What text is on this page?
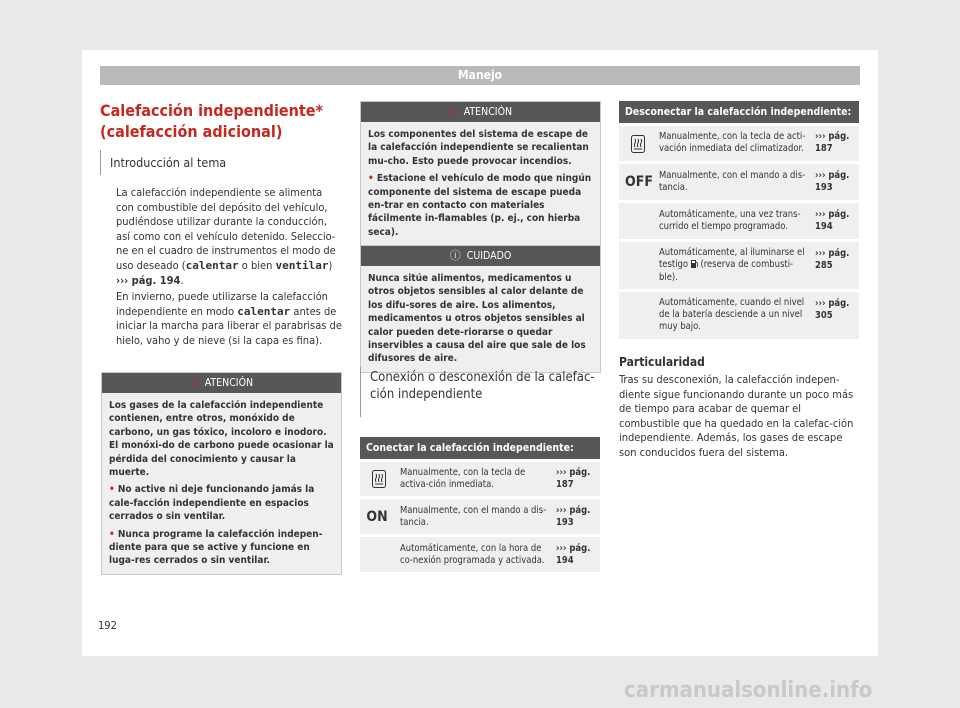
Manejo
Calefacción independiente* (calefacción adicional)
Introducción al tema
La calefacción independiente se alimenta con combustible del depósito del vehículo, pudiéndose utilizar durante la conducción, así como con el vehículo detenido. Seleccio‐ne en el cuadro de instrumentos el modo de uso deseado (calentar o bien ventilar)
››› pág. 194.
En invierno, puede utilizarse la calefacción independiente en modo calentar antes de iniciar la marcha para liberar el parabrisas de hielo, vaho y de nieve (si la capa es fina).
⚠ ATENCIÓN

Los gases de la calefacción independiente contienen, entre otros, monóxido de carbono, un gas tóxico, incoloro e inodoro. El monóxi‐do de carbono puede ocasionar la pérdida del conocimiento y causar la muerte.

• No active ni deje funcionando jamás la cale‐facción independiente en espacios cerrados o sin ventilar.

• Nunca programe la calefacción indepen‐diente para que se active y funcione en luga‐res cerrados o sin ventilar.

⚠ ATENCIÓN

Los componentes del sistema de escape de la calefacción independiente se recalientan mu‐cho. Esto puede provocar incendios.

• Estacione el vehículo de modo que ningún componente del sistema de escape pueda en‐trar en contacto con materiales fácilmente in‐flamables (p. ej., con hierba seca).

ⓘ CUIDADO

Nunca sitúe alimentos, medicamentos u otros objetos sensibles al calor delante de los difu‐sores de aire. Los alimentos, medicamentos u otros objetos sensibles al calor pueden dete‐riorarse o quedar inservibles a causa del aire que sale de los difusores de aire.

Conexión o desconexión de la calefac‐ción independiente
Conectar la calefacción independiente:
Manualmente, con la tecla de activa‐ción inmediata.
››› pág. 187
ON Manualmente, con el mando a dis‐tancia.
››› pág. 193
Automáticamente, con la hora de co‐nexión programada y activada.
››› pág. 194
Desconectar la calefacción independiente:
Manualmente, con la tecla de acti‐vación inmediata del climatizador.
››› pág. 187
OFF Manualmente, con el mando a dis‐tancia.
››› pág. 193
Automáticamente, una vez trans‐currido el tiempo programado.
››› pág. 194
Automáticamente, al iluminarse el testigo (reserva de combusti‐ble).
››› pág. 285
Automáticamente, cuando el nivel de la batería desciende a un nivel muy bajo.
››› pág. 305
Particularidad
Tras su desconexión, la calefacción indepen‐diente sigue funcionando durante un poco más de tiempo para acabar de quemar el combustible que ha quedado en la calefac‐ción independiente. Además, los gases de escape son conducidos fuera del sistema.
192
carmanualsonline.info
